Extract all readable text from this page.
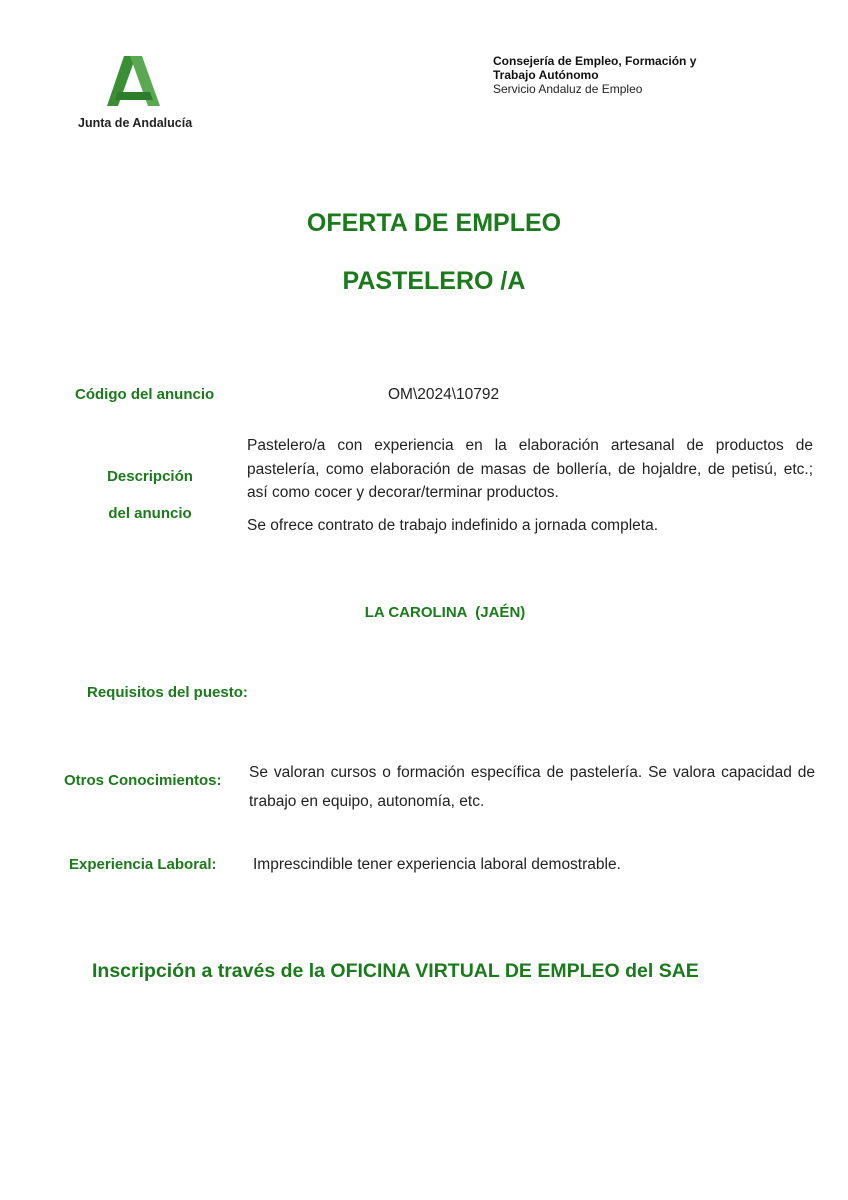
Junta de Andalucía
Consejería de Empleo, Formación y
Trabajo Autónomo
Servicio Andaluz de Empleo
OFERTA DE EMPLEO
PASTELERO /A
Código del anuncio	OM\2024\10792
Descripción
del anuncio
Pastelero/a con experiencia en la elaboración artesanal de productos de pastelería, como elaboración de masas de bollería, de hojaldre, de petisú, etc.; así como cocer y decorar/terminar productos.
Se ofrece contrato de trabajo indefinido a jornada completa.
LA CAROLINA  (JAÉN)
Requisitos del puesto:
Otros Conocimientos: Se valoran cursos o formación específica de pastelería. Se valora capacidad de trabajo en equipo, autonomía, etc.
Experiencia Laboral: Imprescindible tener experiencia laboral demostrable.
Inscripción a través de la OFICINA VIRTUAL DE EMPLEO del SAE
